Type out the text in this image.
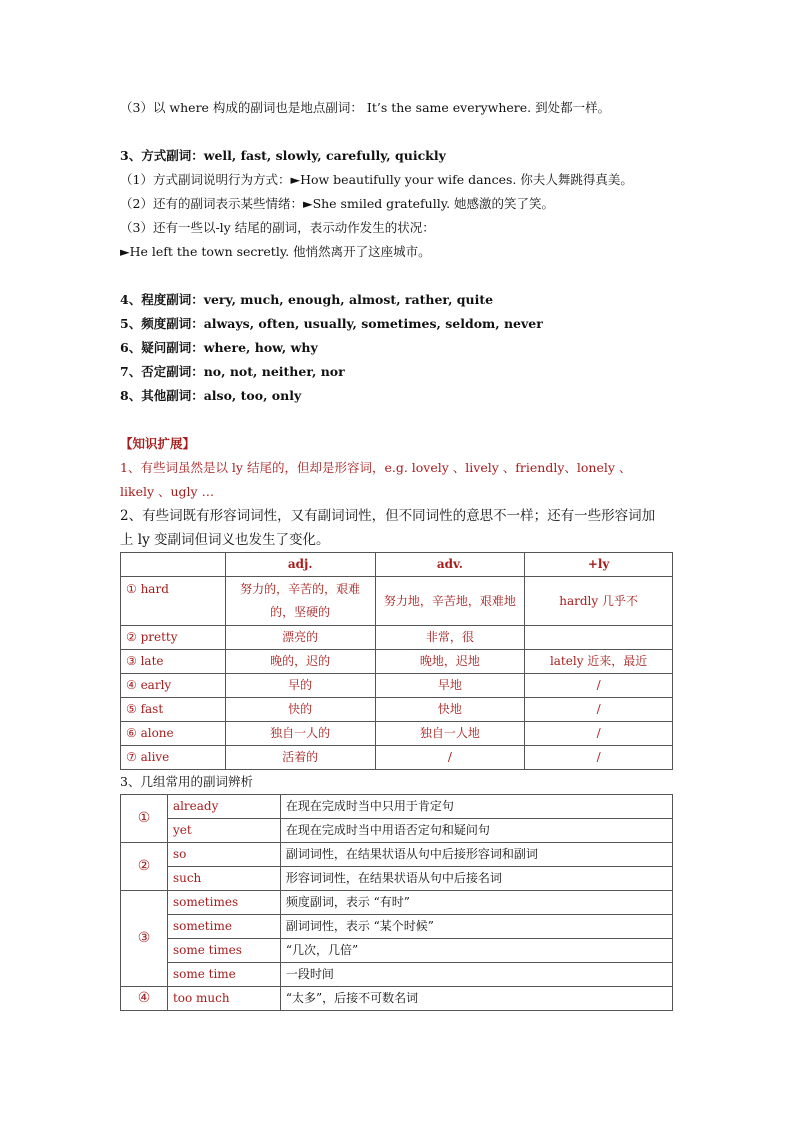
（3）以 where 构成的副词也是地点副词： It’s the same everywhere. 到处都一样。
3、方式副词：well, fast, slowly, carefully, quickly
（1）方式副词说明行为方式：►How beautifully your wife dances. 你夫人舞跳得真美。
（2）还有的副词表示某些情绪：►She smiled gratefully. 她感激的笑了笑。
（3）还有一些以-ly 结尾的副词，表示动作发生的状况：
►He left the town secretly. 他悄然离开了这座城市。
4、程度副词：very, much, enough, almost, rather, quite
5、频度副词：always, often, usually, sometimes, seldom, never
6、疑问副词：where, how, why
7、否定副词：no, not, neither, nor
8、其他副词：also, too, only
【知识扩展】
1、有些词虽然是以 ly 结尾的，但却是形容词，e.g. lovely 、lively 、friendly、lonely 、
likely 、ugly …
2、有些词既有形容词词性，又有副词词性，但不同词性的意思不一样；还有一些形容词加
上 ly 变副词但词义也发生了变化。
	adj.	adv.	+ly
① hard	努力的，辛苦的，艰难的，坚硬的	努力地，辛苦地，艰难地	hardly 几乎不
② pretty	漂亮的	非常，很	
③ late	晚的，迟的	晚地，迟地	lately 近来，最近
④ early	早的	早地	/
⑤ fast	快的	快地	/
⑥ alone	独自一人的	独自一人地	/
⑦ alive	活着的	/	/
3、几组常用的副词辨析
①	already	在现在完成时当中只用于肯定句
	yet	在现在完成时当中用语否定句和疑问句
②	so	副词词性，在结果状语从句中后接形容词和副词
	such	形容词词性，在结果状语从句中后接名词
③	sometimes	频度副词，表示 “有时”
	sometime	副词词性，表示 “某个时候”
	some times	“几次，几倍”
	some time	一段时间
④	too much	“太多”，后接不可数名词
